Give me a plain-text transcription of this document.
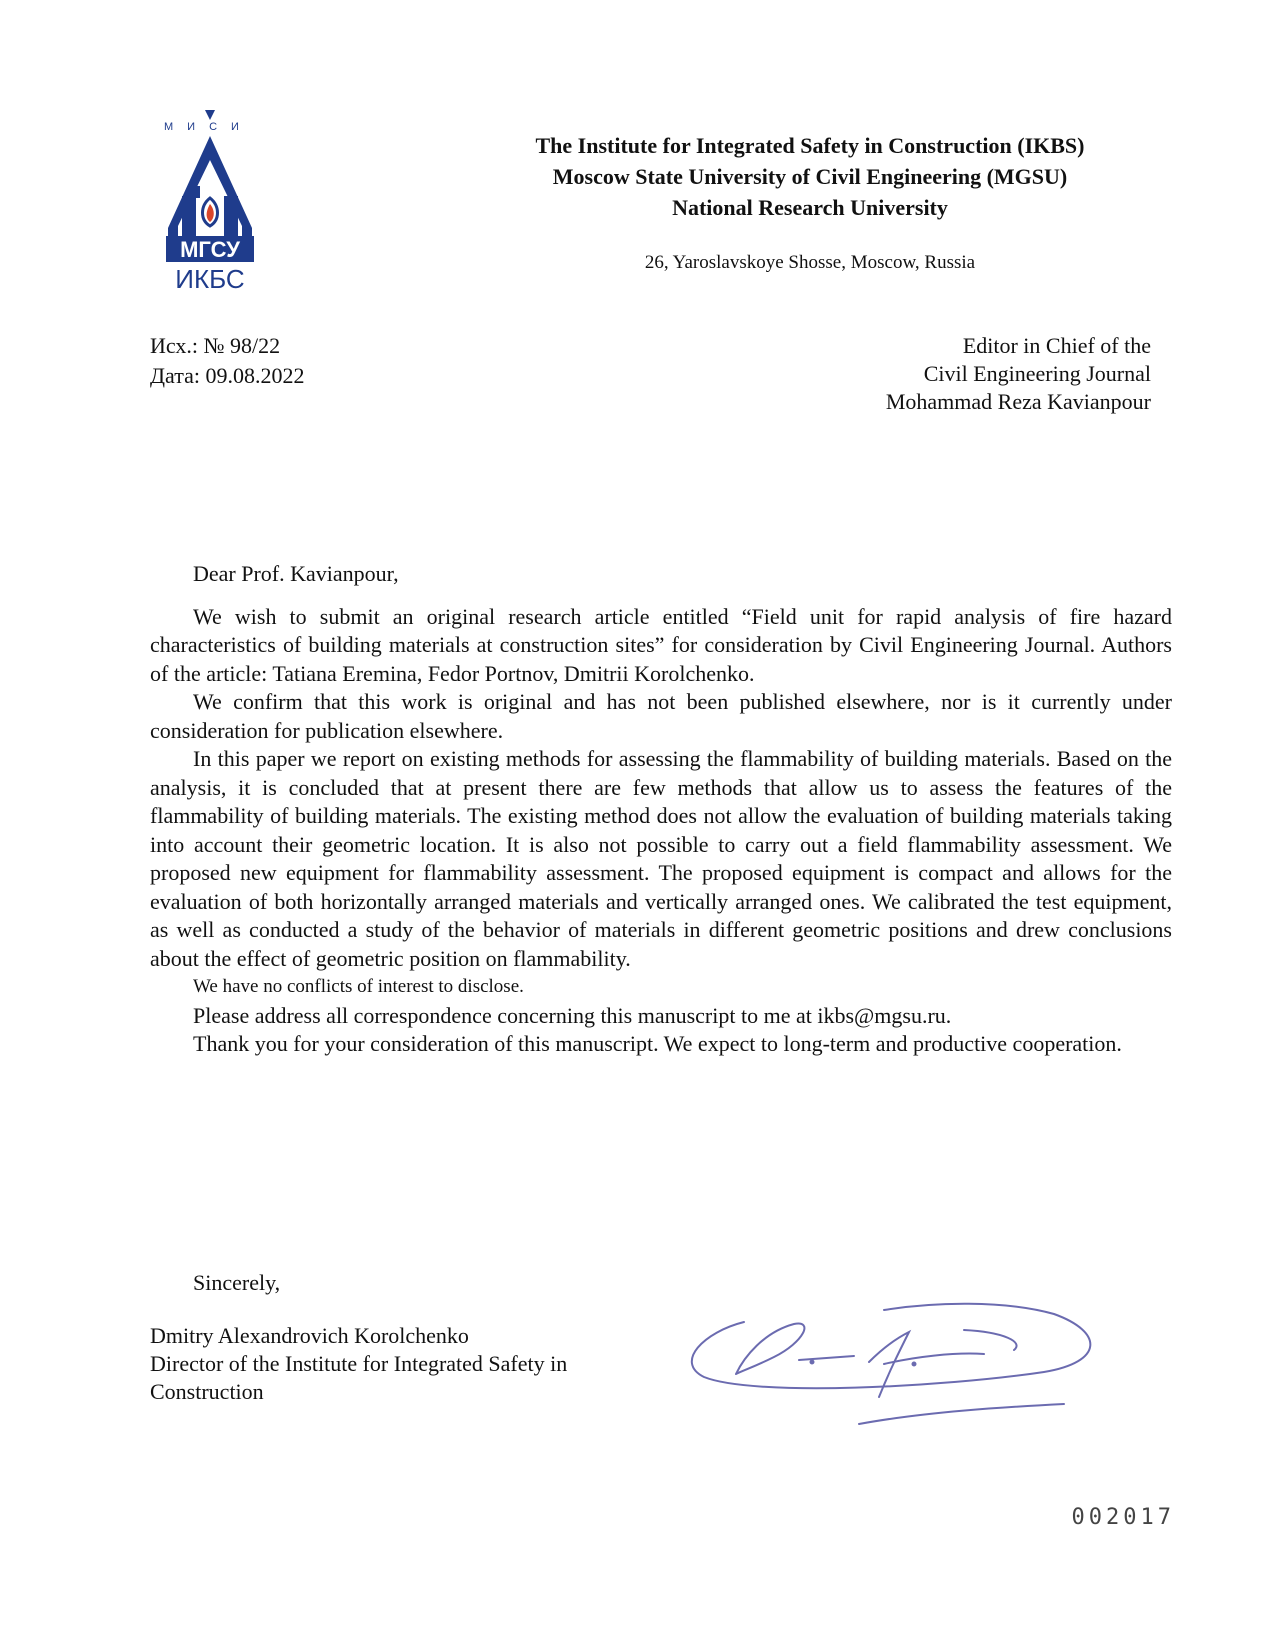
МИСИ
МГСУ
ИКБС
The Institute for Integrated Safety in Construction (IKBS)
Moscow State University of Civil Engineering (MGSU)
National Research University
26, Yaroslavskoye Shosse, Moscow, Russia
Исх.: № 98/22
Дата: 09.08.2022
Editor in Chief of the
Civil Engineering Journal
Mohammad Reza Kavianpour

Dear Prof. Kavianpour,

We wish to submit an original research article entitled “Field unit for rapid analysis of fire hazard characteristics of building materials at construction sites” for consideration by Civil Engineering Journal. Authors of the article: Tatiana Eremina, Fedor Portnov, Dmitrii Korolchenko.

We confirm that this work is original and has not been published elsewhere, nor is it currently under consideration for publication elsewhere.

In this paper we report on existing methods for assessing the flammability of building materials. Based on the analysis, it is concluded that at present there are few methods that allow us to assess the features of the flammability of building materials. The existing method does not allow the evaluation of building materials taking into account their geometric location. It is also not possible to carry out a field flammability assessment. We proposed new equipment for flammability assessment. The proposed equipment is compact and allows for the evaluation of both horizontally arranged materials and vertically arranged ones. We calibrated the test equipment, as well as conducted a study of the behavior of materials in different geometric positions and drew conclusions about the effect of geometric position on flammability.

We have no conflicts of interest to disclose.

Please address all correspondence concerning this manuscript to me at ikbs@mgsu.ru.

Thank you for your consideration of this manuscript. We expect to long-term and productive cooperation.

Sincerely,
Dmitry Alexandrovich Korolchenko
Director of the Institute for Integrated Safety in
Construction
002017
